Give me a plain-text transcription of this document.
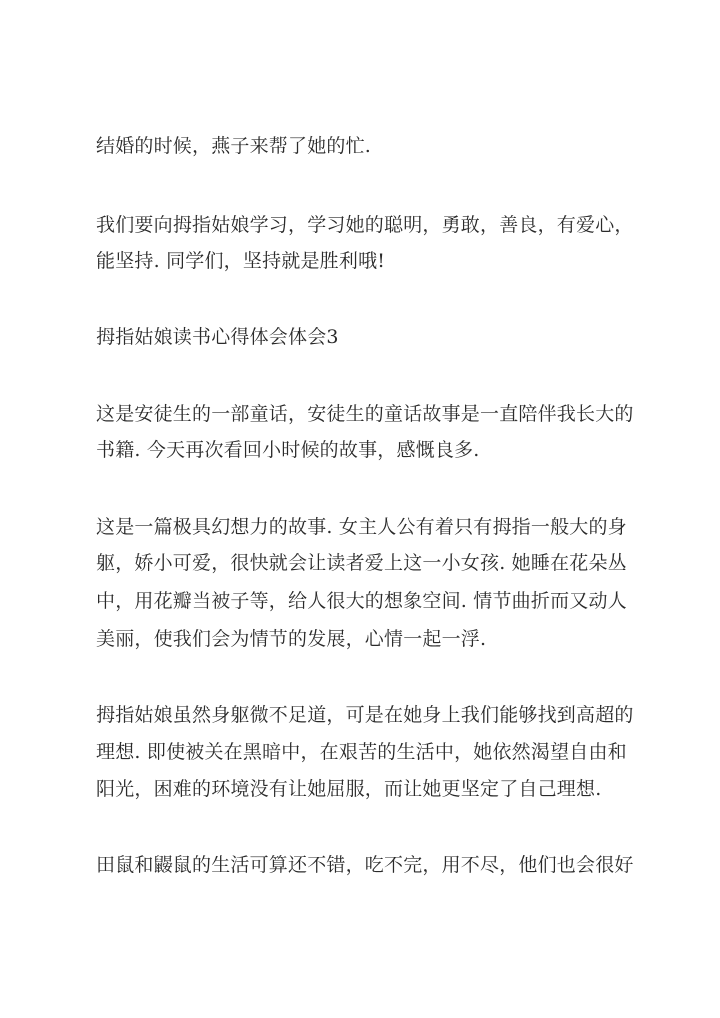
结婚的时候，燕子来帮了她的忙.
我们要向拇指姑娘学习，学习她的聪明，勇敢，善良，有爱心，
能坚持. 同学们，坚持就是胜利哦!
拇指姑娘读书心得体会体会3
这是安徒生的一部童话，安徒生的童话故事是一直陪伴我长大的
书籍. 今天再次看回小时候的故事，感慨良多.
这是一篇极具幻想力的故事. 女主人公有着只有拇指一般大的身
躯，娇小可爱，很快就会让读者爱上这一小女孩. 她睡在花朵丛
中，用花瓣当被子等，给人很大的想象空间. 情节曲折而又动人
美丽，使我们会为情节的发展，心情一起一浮.
拇指姑娘虽然身躯微不足道，可是在她身上我们能够找到高超的
理想. 即使被关在黑暗中，在艰苦的生活中，她依然渴望自由和
阳光，困难的环境没有让她屈服，而让她更坚定了自己理想.
田鼠和鼹鼠的生活可算还不错，吃不完，用不尽，他们也会很好
